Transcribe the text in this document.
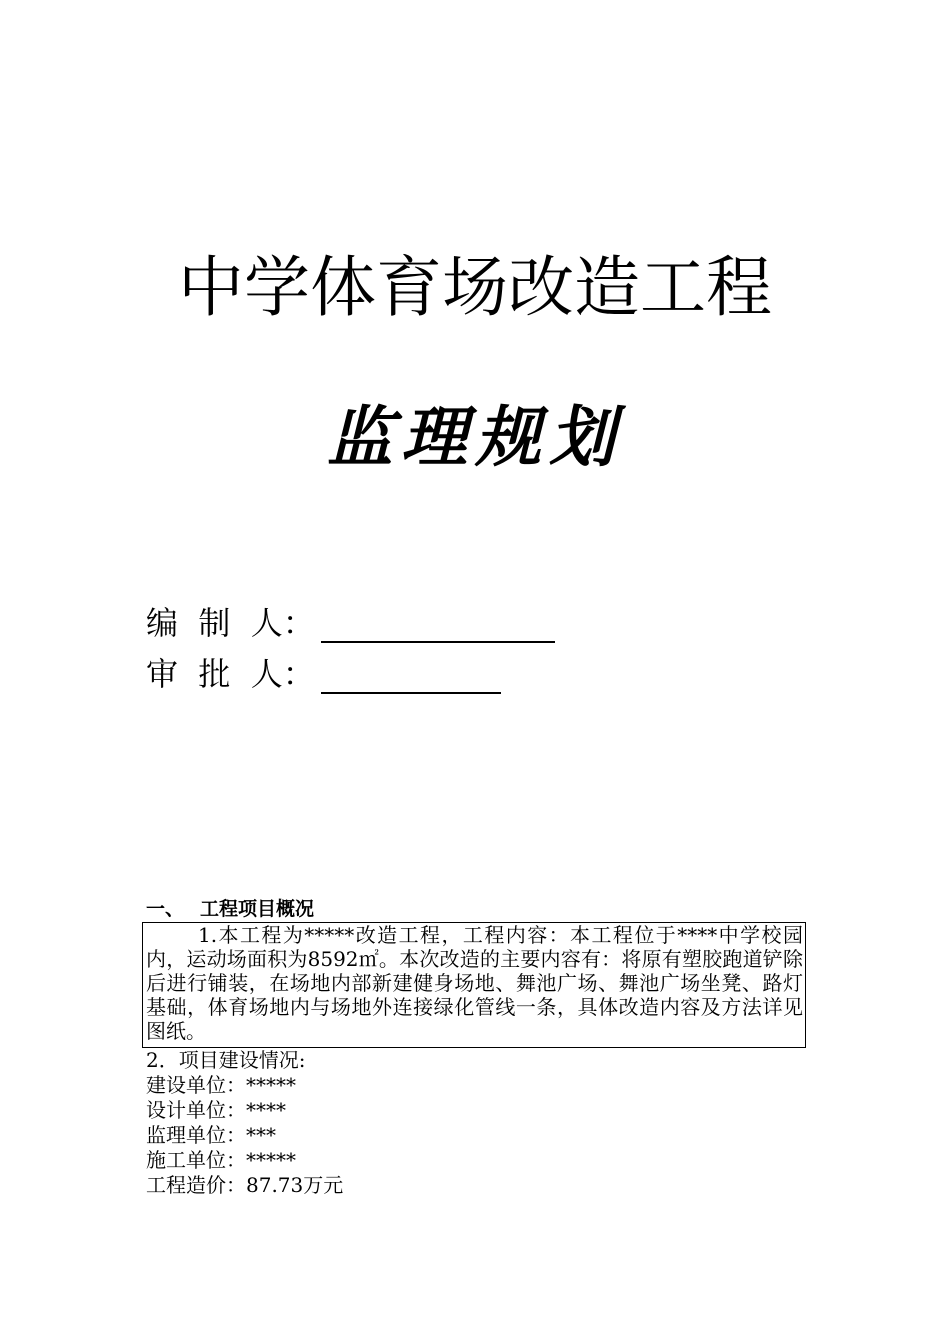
中学体育场改造工程
监理规划
编  制  人：
审  批  人：
一、 工程项目概况

1.本工程为*****改造工程，工程内容：本工程位于****中学校园内，运动场面积为8592㎡。本次改造的主要内容有：将原有塑胶跑道铲除后进行铺装，在场地内部新建健身场地、舞池广场、舞池广场坐凳、路灯基础，体育场地内与场地外连接绿化管线一条，具体改造内容及方法详见图纸。

2．项目建设情况:
建设单位：*****
设计单位：****
监理单位：***
施工单位：*****
工程造价：87.73万元
